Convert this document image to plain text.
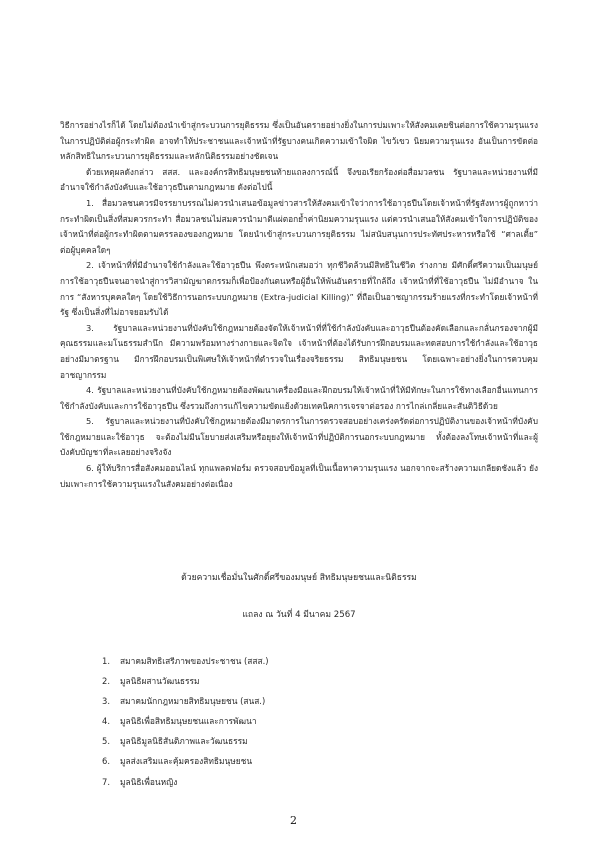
วิธีการอย่างไรก็ได้ โดยไม่ต้องนำเข้าสู่กระบวนการยุติธรรม ซึ่งเป็นอันตรายอย่างยิ่งในการบ่มเพาะให้สังคมเคยชินต่อการใช้ความรุนแรงในการปฏิบัติต่อผู้กระทำผิด อาจทำให้ประชาชนและเจ้าหน้าที่รัฐบางคนเกิดความเข้าใจผิด ไขว้เขว นิยมความรุนแรง อันเป็นการขัดต่อหลักสิทธิในกระบวนการยุติธรรมและหลักนิติธรรมอย่างชัดเจน

ด้วยเหตุผลดังกล่าว สสส. และองค์กรสิทธิมนุษยชนท้ายแถลงการณ์นี้ จึงขอเรียกร้องต่อสื่อมวลชน รัฐบาลและหน่วยงานที่มีอำนาจใช้กำลังบังคับและใช้อาวุธปืนตามกฎหมาย ดังต่อไปนี้

1. สื่อมวลชนควรมีจรรยาบรรณไม่ควรนำเสนอข้อมูลข่าวสารให้สังคมเข้าใจว่าการใช้อาวุธปืนโดยเจ้าหน้าที่รัฐสังหารผู้ถูกหาว่ากระทำผิดเป็นสิ่งที่สมควรกระทำ สื่อมวลชนไม่สมควรนำมาตีแผ่ตอกย้ำค่านิยมความรุนแรง แต่ควรนำเสนอให้สังคมเข้าใจการปฏิบัติของเจ้าหน้าที่ต่อผู้กระทำผิดตามครรลองของกฎหมาย โดยนำเข้าสู่กระบวนการยุติธรรม ไม่สนับสนุนการประทัศประหารหรือใช้ “ศาลเตี้ย” ต่อผู้บุคคลใดๆ

2. เจ้าหน้าที่ที่มีอำนาจใช้กำลังและใช้อาวุธปืน พึงตระหนักเสมอว่า ทุกชีวิตล้วนมีสิทธิในชีวิต ร่างกาย มีศักดิ์ศรีความเป็นมนุษย์ การใช้อาวุธปืนจนอาจนำสู่การวิสามัญฆาตกรรมก็เพื่อป้องกันตนหรือผู้อื่นให้พ้นอันตรายที่ใกล้ถึง เจ้าหน้าที่ที่ใช้อาวุธปืน ไม่มีอำนาจ ในการ “สังหารบุคคลใดๆ โดยใช้วิธีการนอกระบบกฎหมาย (Extra-judicial Killing)” ที่ถือเป็นอาชญากรรมร้ายแรงที่กระทำโดยเจ้าหน้าที่รัฐ ซึ่งเป็นสิ่งที่ไม่อาจยอมรับได้

3. รัฐบาลและหน่วยงานที่บังคับใช้กฎหมายต้องจัดให้เจ้าหน้าที่ที่ใช้กำลังบังคับและอาวุธปืนต้องคัดเลือกและกลั่นกรองจากผู้มีคุณธรรมและมโนธรรมสำนึก มีความพร้อมทางร่างกายและจิตใจ เจ้าหน้าที่ต้องได้รับการฝึกอบรมและทดสอบการใช้กำลังและใช้อาวุธอย่างมีมาตรฐาน มีการฝึกอบรมเป็นพิเศษให้เจ้าหน้าที่ตำรวจในเรื่องจริยธรรม สิทธิมนุษยชน โดยเฉพาะอย่างยิ่งในการควบคุมอาชญากรรม

4. รัฐบาลและหน่วยงานที่บังคับใช้กฎหมายต้องพัฒนาเครื่องมือและฝึกอบรมให้เจ้าหน้าที่ให้มีทักษะในการใช้ทางเลือกอื่นแทนการใช้กำลังบังคับและการใช้อาวุธปืน ซึ่งรวมถึงการแก้ไขความขัดแย้งด้วยเทคนิคการเจรจาต่อรอง การไกล่เกลี่ยและสันติวิธีด้วย

5. รัฐบาลและหน่วยงานที่บังคับใช้กฎหมายต้องมีมาตรการในการตรวจสอบอย่างเคร่งครัดต่อการปฏิบัติงานของเจ้าหน้าที่บังคับใช้กฎหมายและใช้อาวุธ จะต้องไม่มีนโยบายส่งเสริมหรือยุยงให้เจ้าหน้าที่ปฏิบัติการนอกระบบกฎหมาย ทั้งต้องลงโทษเจ้าหน้าที่และผู้บังคับบัญชาที่ละเลยอย่างจริงจัง

6. ผู้ให้บริการสื่อสังคมออนไลน์ ทุกแพลตฟอร์ม ตรวจสอบข้อมูลที่เป็นเนื้อหาความรุนแรง นอกจากจะสร้างความเกลียดชังแล้ว ยังบ่มเพาะการใช้ความรุนแรงในสังคมอย่างต่อเนื่อง

ด้วยความเชื่อมั่นในศักดิ์ศรีของมนุษย์ สิทธิมนุษยชนและนิติธรรม
แถลง ณ วันที่ 4 มีนาคม 2567
1.	สมาคมสิทธิเสรีภาพของประชาชน (สสส.)
2.	มูลนิธิผสานวัฒนธรรม
3.	สมาคมนักกฎหมายสิทธิมนุษยชน (สนส.)
4.	มูลนิธิเพื่อสิทธิมนุษยชนและการพัฒนา
5.	มูลนิธิมูลนิธิสันติภาพและวัฒนธรรม
6.	มูลส่งเสริมและคุ้มครองสิทธิมนุษยชน
7.	มูลนิธิเพื่อนหญิง
2
